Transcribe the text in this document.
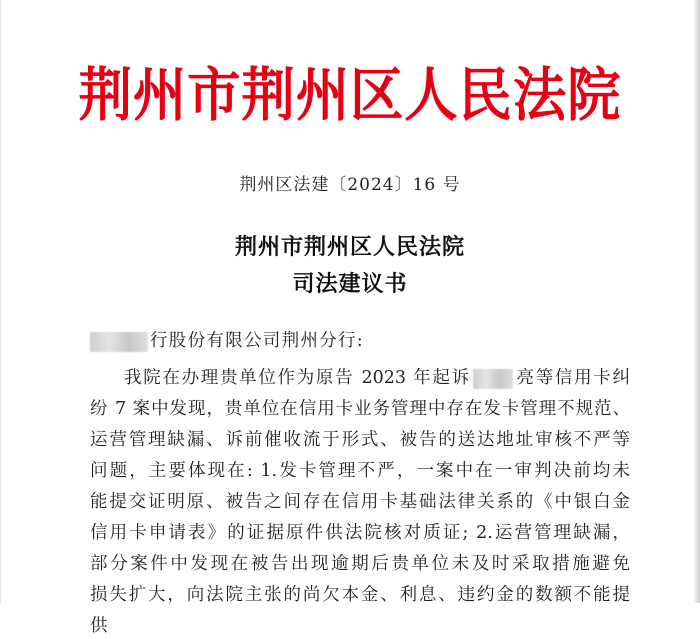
荆州市荆州区人民法院
荆州区法建〔2024〕16 号
荆州市荆州区人民法院
司法建议书
行股份有限公司荆州分行:
我院在办理贵单位作为原告 2023 年起诉	亮等信用卡纠
纷 7 案中发现，贵单位在信用卡业务管理中存在发卡管理不规范、
运营管理缺漏、诉前催收流于形式、被告的送达地址审核不严等
问题，主要体现在: 1.发卡管理不严，一案中在一审判决前均未
能提交证明原、被告之间存在信用卡基础法律关系的《中银白金
信用卡申请表》的证据原件供法院核对质证; 2.运营管理缺漏，
部分案件中发现在被告出现逾期后贵单位未及时采取措施避免
损失扩大，向法院主张的尚欠本金、利息、违约金的数额不能提
供
